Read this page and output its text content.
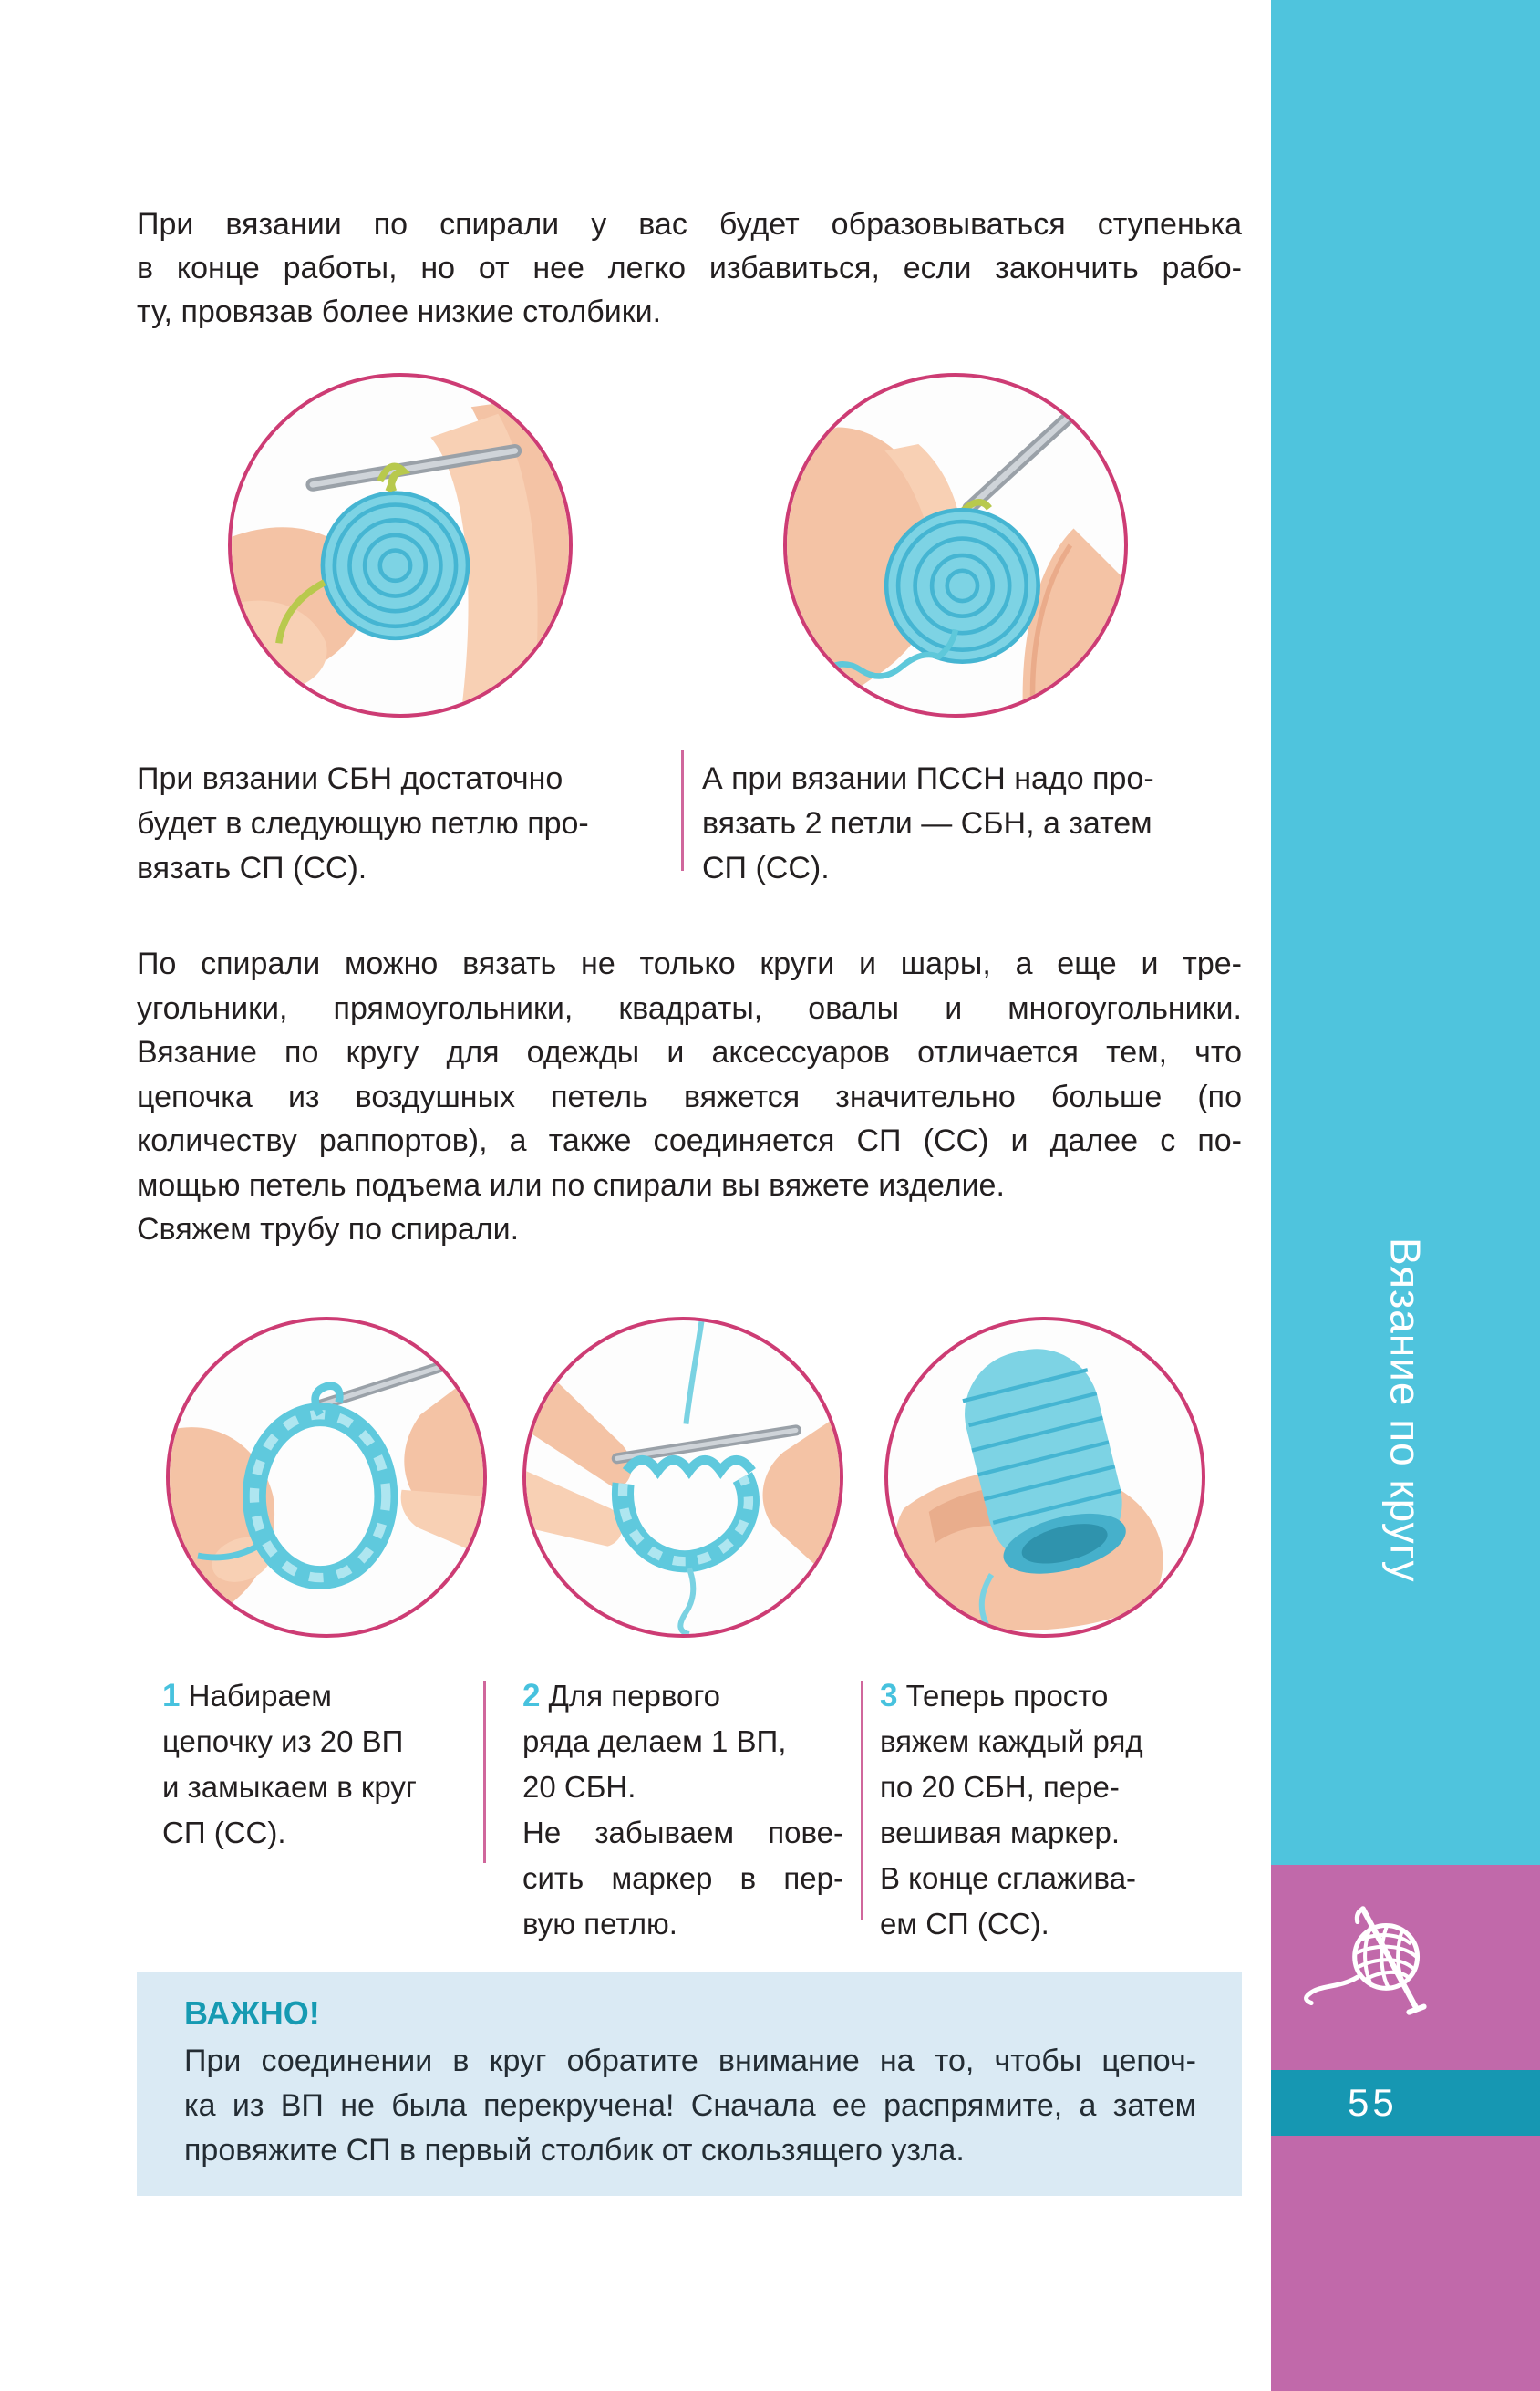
При вязании по спирали у вас будет образовываться ступенька
в конце работы, но от нее легко избавиться, если закончить рабо-
ту, провязав более низкие столбики.
При вязании СБН достаточно
будет в следующую петлю про-
вязать СП (СС).
А при вязании ПССН надо про-
вязать 2 петли — СБН, а затем
СП (СС).
По спирали можно вязать не только круги и шары, а еще и тре-
угольники, прямоугольники, квадраты, овалы и многоугольники.
Вязание по кругу для одежды и аксессуаров отличается тем, что
цепочка из воздушных петель вяжется значительно больше (по
количеству раппортов), а также соединяется СП (СС) и далее с по-
мощью петель подъема или по спирали вы вяжете изделие.
Свяжем трубу по спирали.
1 Набираем
цепочку из 20 ВП
и замыкаем в круг
СП (СС).
2 Для первого
ряда делаем 1 ВП,
20 СБН.
Не забываем пове-
сить маркер в пер-
вую петлю.
3 Теперь просто
вяжем каждый ряд
по 20 СБН, пере-
вешивая маркер.
В конце сглажива-
ем СП (СС).
ВАЖНО!
При соединении в круг обратите внимание на то, чтобы цепоч-
ка из ВП не была перекручена! Сначала ее распрямите, а затем
провяжите СП в первый столбик от скользящего узла.
Вязание по кругу
55
